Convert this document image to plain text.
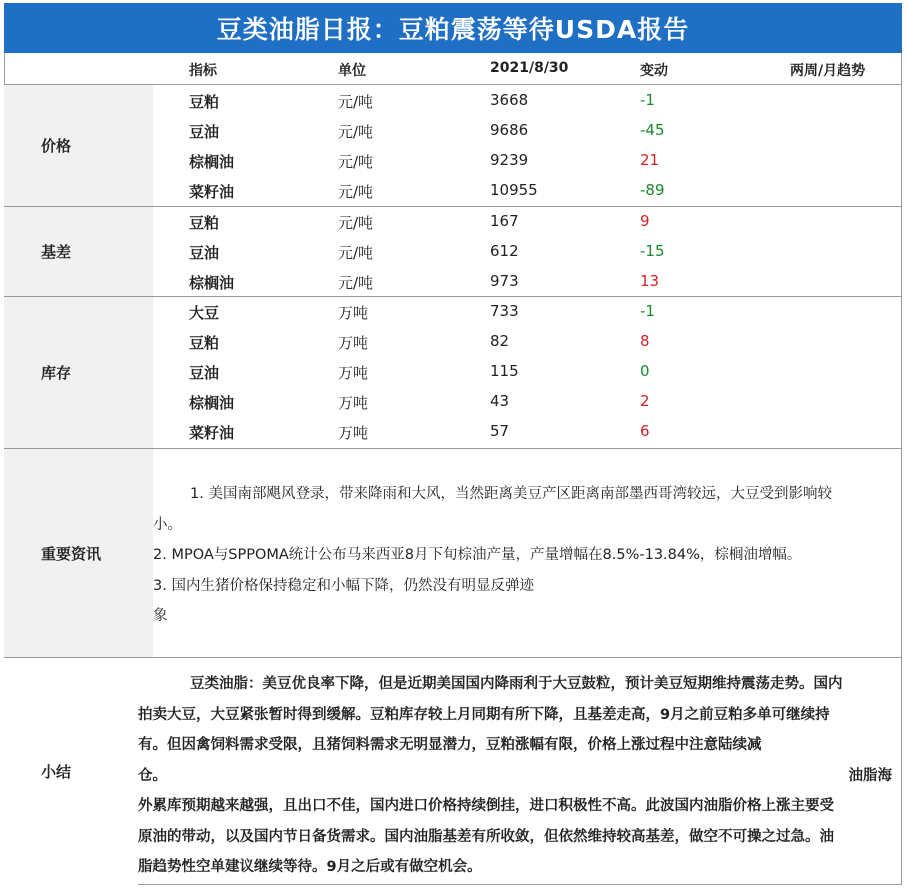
豆类油脂日报：豆粕震荡等待USDA报告
指标	单位	2021/8/30	变动	两周/月趋势
价格
豆粕	元/吨	3668	-1
豆油	元/吨	9686	-45
棕榈油	元/吨	9239	21
菜籽油	元/吨	10955	-89
基差
豆粕	元/吨	167	9
豆油	元/吨	612	-15
棕榈油	元/吨	973	13
库存
大豆	万吨	733	-1
豆粕	万吨	82	8
豆油	万吨	115	0
棕榈油	万吨	43	2
菜籽油	万吨	57	6
重要资讯

1. 美国南部飓风登录，带来降雨和大风，当然距离美豆产区距离南部墨西哥湾较远，大豆受到影响较

小。

2. MPOA与SPPOMA统计公布马来西亚8月下旬棕油产量，产量增幅在8.5%-13.84%，棕榈油增幅。

3. 国内生猪价格保持稳定和小幅下降，仍然没有明显反弹迹

象

小结

豆类油脂：美豆优良率下降，但是近期美国国内降雨利于大豆鼓粒，预计美豆短期维持震荡走势。国内

拍卖大豆，大豆紧张暂时得到缓解。豆粕库存较上月同期有所下降，且基差走高，9月之前豆粕多单可继续持

有。但因禽饲料需求受限，且猪饲料需求无明显潜力，豆粕涨幅有限，价格上涨过程中注意陆续减

仓。	油脂海

外累库预期越来越强，且出口不佳，国内进口价格持续倒挂，进口积极性不高。此波国内油脂价格上涨主要受

原油的带动，以及国内节日备货需求。国内油脂基差有所收敛，但依然维持较高基差，做空不可操之过急。油

脂趋势性空单建议继续等待。9月之后或有做空机会。
